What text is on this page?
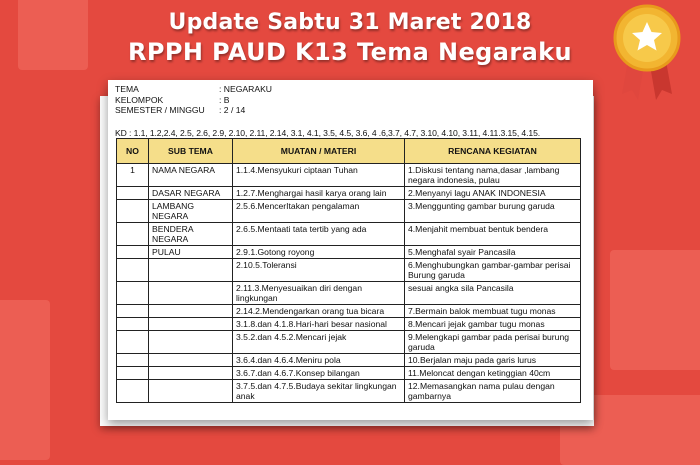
Update Sabtu 31 Maret 2018
RPPH PAUD K13 Tema Negaraku
TEMA	: NEGARAKU
KELOMPOK	: B
SEMESTER / MINGGU	: 2 / 14
KD : 1.1, 1.2,2.4, 2.5, 2.6, 2.9, 2.10, 2.11, 2.14, 3.1, 4.1, 3.5, 4.5, 3.6, 4 .6,3.7, 4.7, 3.10, 4.10, 3.11, 4.11.3.15, 4.15.
NO	SUB TEMA	MUATAN / MATERI	RENCANA KEGIATAN
1	NAMA NEGARA	1.1.4.Mensyukuri ciptaan Tuhan	1.Diskusi tentang nama,dasar ,lambang negara indonesia, pulau
	DASAR NEGARA	1.2.7.Menghargai hasil karya orang lain	2.Menyanyi lagu ANAK INDONESIA
	LAMBANG NEGARA	2.5.6.MencerItakan pengalaman	3.Menggunting gambar burung garuda
	BENDERA NEGARA	2.6.5.Mentaati tata tertib yang ada	4.Menjahit membuat bentuk bendera
	PULAU	2.9.1.Gotong royong	5.Menghafal syair Pancasila
		2.10.5.Toleransi	6.Menghubungkan gambar-gambar perisai Burung garuda
		2.11.3.Menyesuaikan diri dengan lingkungan	sesuai angka sila Pancasila
		2.14.2.Mendengarkan orang tua bicara	7.Bermain balok membuat tugu monas
		3.1.8.dan 4.1.8.Hari-hari besar nasional	8.Mencari jejak gambar tugu monas
		3.5.2.dan 4.5.2.Mencari jejak	9.Melengkapi gambar pada perisai burung garuda
		3.6.4.dan 4.6.4.Meniru pola	10.Berjalan maju pada garis lurus
		3.6.7.dan 4.6.7.Konsep bilangan	11.Meloncat dengan ketinggian 40cm
		3.7.5.dan 4.7.5.Budaya sekitar lingkungan anak	12.Memasangkan nama pulau dengan gambarnya
